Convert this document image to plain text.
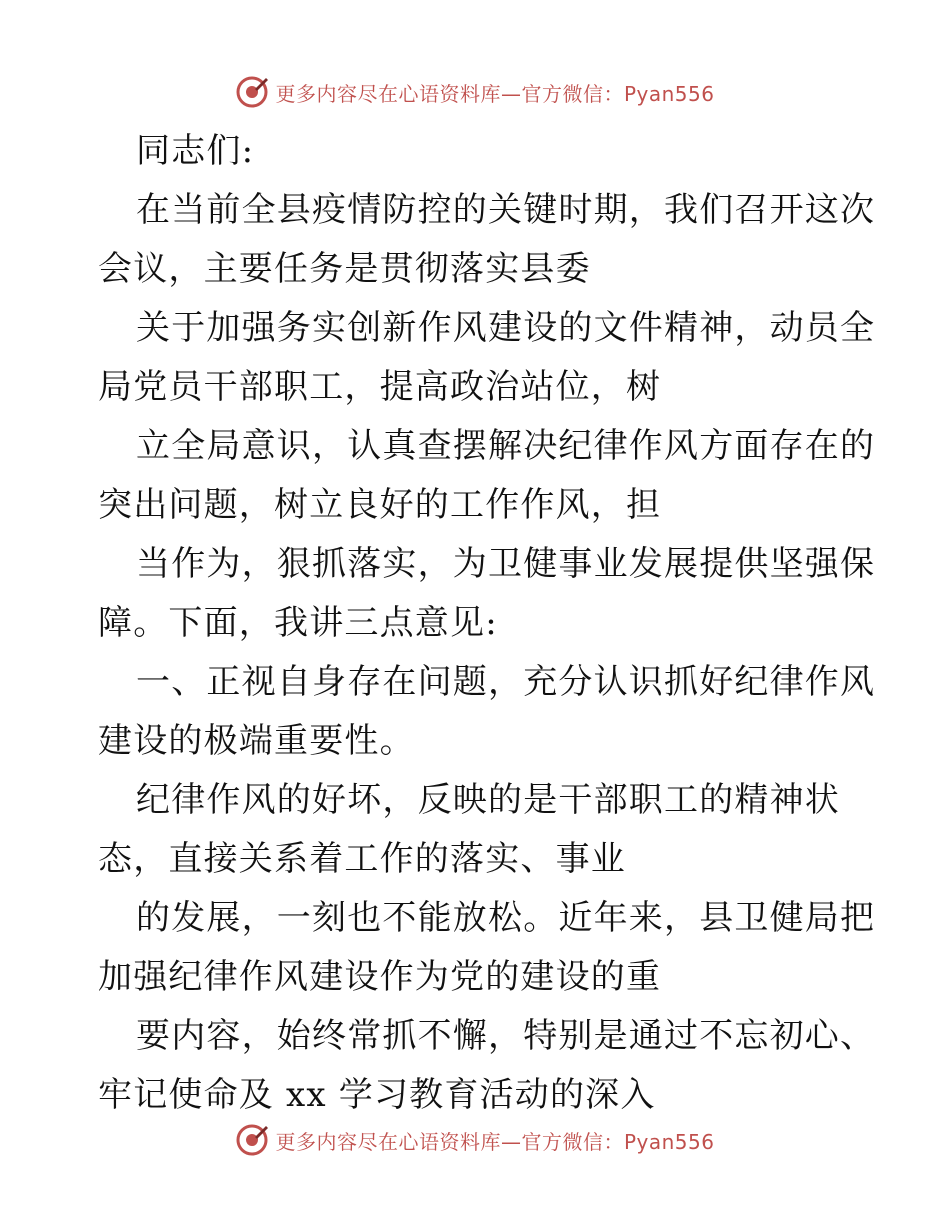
更多内容尽在心语资料库—官方微信：Pyan556
同志们:
在当前全县疫情防控的关键时期，我们召开这次
会议，主要任务是贯彻落实县委
关于加强务实创新作风建设的文件精神，动员全
局党员干部职工，提高政治站位，树
立全局意识，认真查摆解决纪律作风方面存在的
突出问题，树立良好的工作作风，担
当作为，狠抓落实，为卫健事业发展提供坚强保
障。下面，我讲三点意见:
一、正视自身存在问题，充分认识抓好纪律作风
建设的极端重要性。
纪律作风的好坏，反映的是干部职工的精神状
态，直接关系着工作的落实、事业
的发展，一刻也不能放松。近年来，县卫健局把
加强纪律作风建设作为党的建设的重
要内容，始终常抓不懈，特别是通过不忘初心、
牢记使命及 xx 学习教育活动的深入
更多内容尽在心语资料库—官方微信：Pyan556
